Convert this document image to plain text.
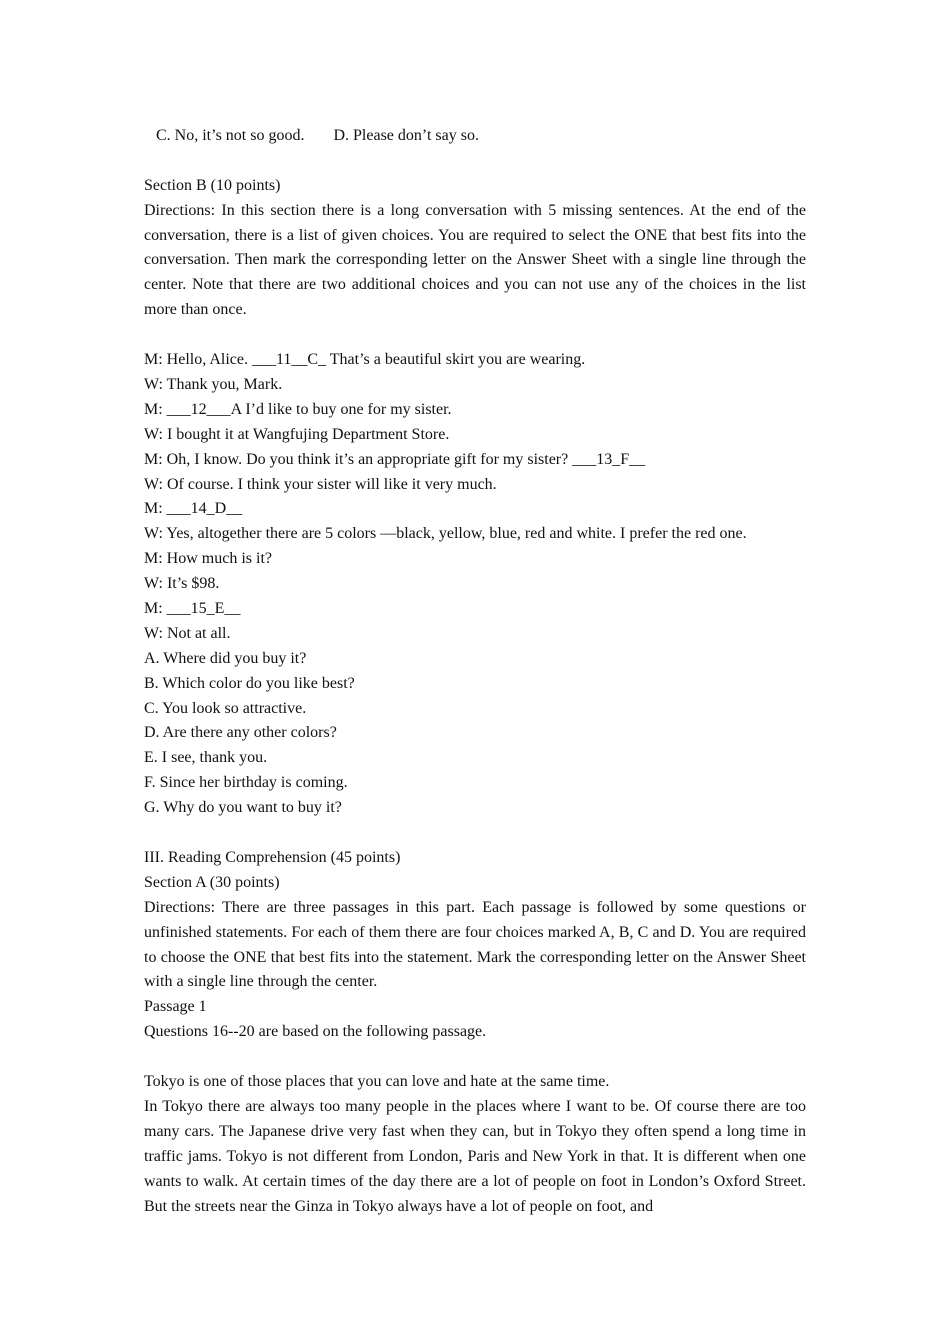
C. No, it’s not so good. D. Please don’t say so.
Section B (10 points)
Directions: In this section there is a long conversation with 5 missing sentences. At the end of the conversation, there is a list of given choices. You are required to select the ONE that best fits into the conversation. Then mark the corresponding letter on the Answer Sheet with a single line through the center. Note that there are two additional choices and you can not use any of the choices in the list more than once.
M: Hello, Alice. ___11__C_ That’s a beautiful skirt you are wearing.
W: Thank you, Mark.
M: ___12___A I’d like to buy one for my sister.
W: I bought it at Wangfujing Department Store.
M: Oh, I know. Do you think it’s an appropriate gift for my sister? ___13_F__
W: Of course. I think your sister will like it very much.
M: ___14_D__
W: Yes, altogether there are 5 colors —black, yellow, blue, red and white. I prefer the red one.
M: How much is it?
W: It’s $98.
M: ___15_E__
W: Not at all.
A. Where did you buy it?
B. Which color do you like best?
C. You look so attractive.
D. Are there any other colors?
E. I see, thank you.
F. Since her birthday is coming.
G. Why do you want to buy it?
III. Reading Comprehension (45 points)
Section A (30 points)
Directions: There are three passages in this part. Each passage is followed by some questions or unfinished statements. For each of them there are four choices marked A, B, C and D. You are required to choose the ONE that best fits into the statement. Mark the corresponding letter on the Answer Sheet with a single line through the center.
Passage 1
Questions 16--20 are based on the following passage.
Tokyo is one of those places that you can love and hate at the same time.
In Tokyo there are always too many people in the places where I want to be. Of course there are too many cars. The Japanese drive very fast when they can, but in Tokyo they often spend a long time in traffic jams. Tokyo is not different from London, Paris and New York in that. It is different when one wants to walk. At certain times of the day there are a lot of people on foot in London’s Oxford Street. But the streets near the Ginza in Tokyo always have a lot of people on foot, and
